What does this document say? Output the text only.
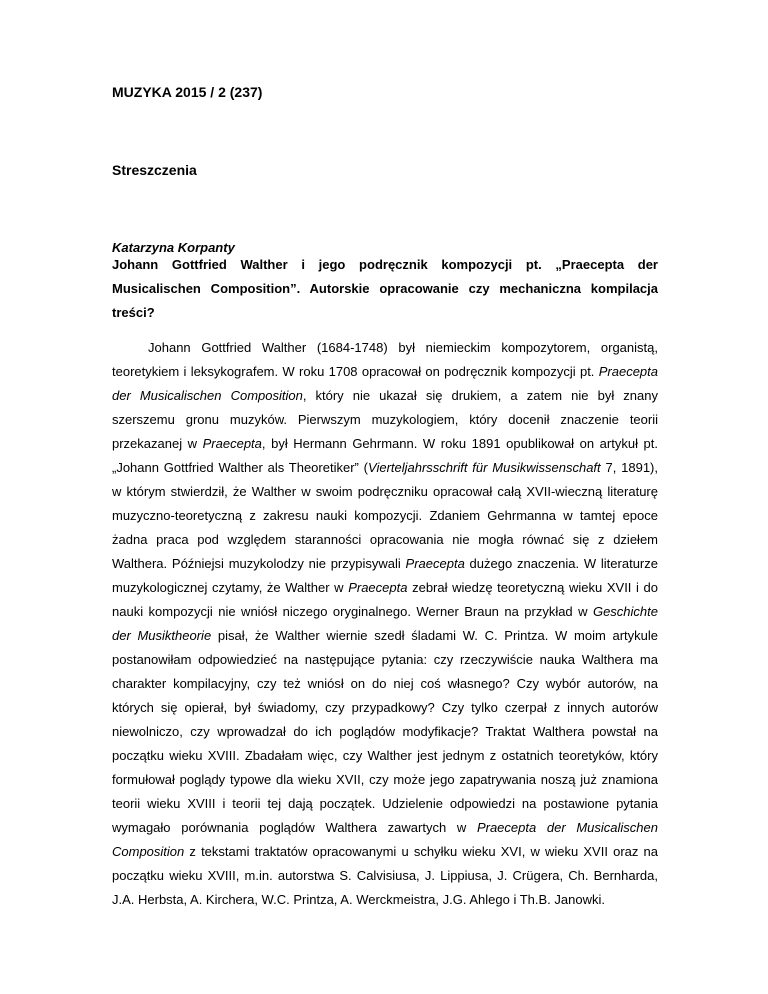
MUZYKA 2015 / 2 (237)
Streszczenia
Katarzyna Korpanty
Johann Gottfried Walther i jego podręcznik kompozycji pt. „Praecepta der Musicalischen Composition”. Autorskie opracowanie czy mechaniczna kompilacja treści?

Johann Gottfried Walther (1684-1748) był niemieckim kompozytorem, organistą, teoretykiem i leksykografem. W roku 1708 opracował on podręcznik kompozycji pt. Praecepta der Musicalischen Composition, który nie ukazał się drukiem, a zatem nie był znany szerszemu gronu muzyków. Pierwszym muzykologiem, który docenił znaczenie teorii przekazanej w Praecepta, był Hermann Gehrmann. W roku 1891 opublikował on artykuł pt. „Johann Gottfried Walther als Theoretiker” (Vierteljahrsschrift für Musikwissenschaft 7, 1891), w którym stwierdził, że Walther w swoim podręczniku opracował całą XVII-wieczną literaturę muzyczno-teoretyczną z zakresu nauki kompozycji. Zdaniem Gehrmanna w tamtej epoce żadna praca pod względem staranności opracowania nie mogła równać się z dziełem Walthera. Późniejsi muzykolodzy nie przypisywali Praecepta dużego znaczenia. W literaturze muzykologicznej czytamy, że Walther w Praecepta zebrał wiedzę teoretyczną wieku XVII i do nauki kompozycji nie wniósł niczego oryginalnego. Werner Braun na przykład w Geschichte der Musiktheorie pisał, że Walther wiernie szedł śladami W. C. Printza. W moim artykule postanowiłam odpowiedzieć na następujące pytania: czy rzeczywiście nauka Walthera ma charakter kompilacyjny, czy też wniósł on do niej coś własnego? Czy wybór autorów, na których się opierał, był świadomy, czy przypadkowy? Czy tylko czerpał z innych autorów niewolniczo, czy wprowadzał do ich poglądów modyfikacje? Traktat Walthera powstał na początku wieku XVIII. Zbadałam więc, czy Walther jest jednym z ostatnich teoretyków, który formułował poglądy typowe dla wieku XVII, czy może jego zapatrywania noszą już znamiona teorii wieku XVIII i teorii tej dają początek. Udzielenie odpowiedzi na postawione pytania wymagało porównania poglądów Walthera zawartych w Praecepta der Musicalischen Composition z tekstami traktatów opracowanymi u schyłku wieku XVI, w wieku XVII oraz na początku wieku XVIII, m.in. autorstwa S. Calvisiusa, J. Lippiusa, J. Crügera, Ch. Bernharda, J.A. Herbsta, A. Kirchera, W.C. Printza, A. Werckmeistra, J.G. Ahlego i Th.B. Janowki.
